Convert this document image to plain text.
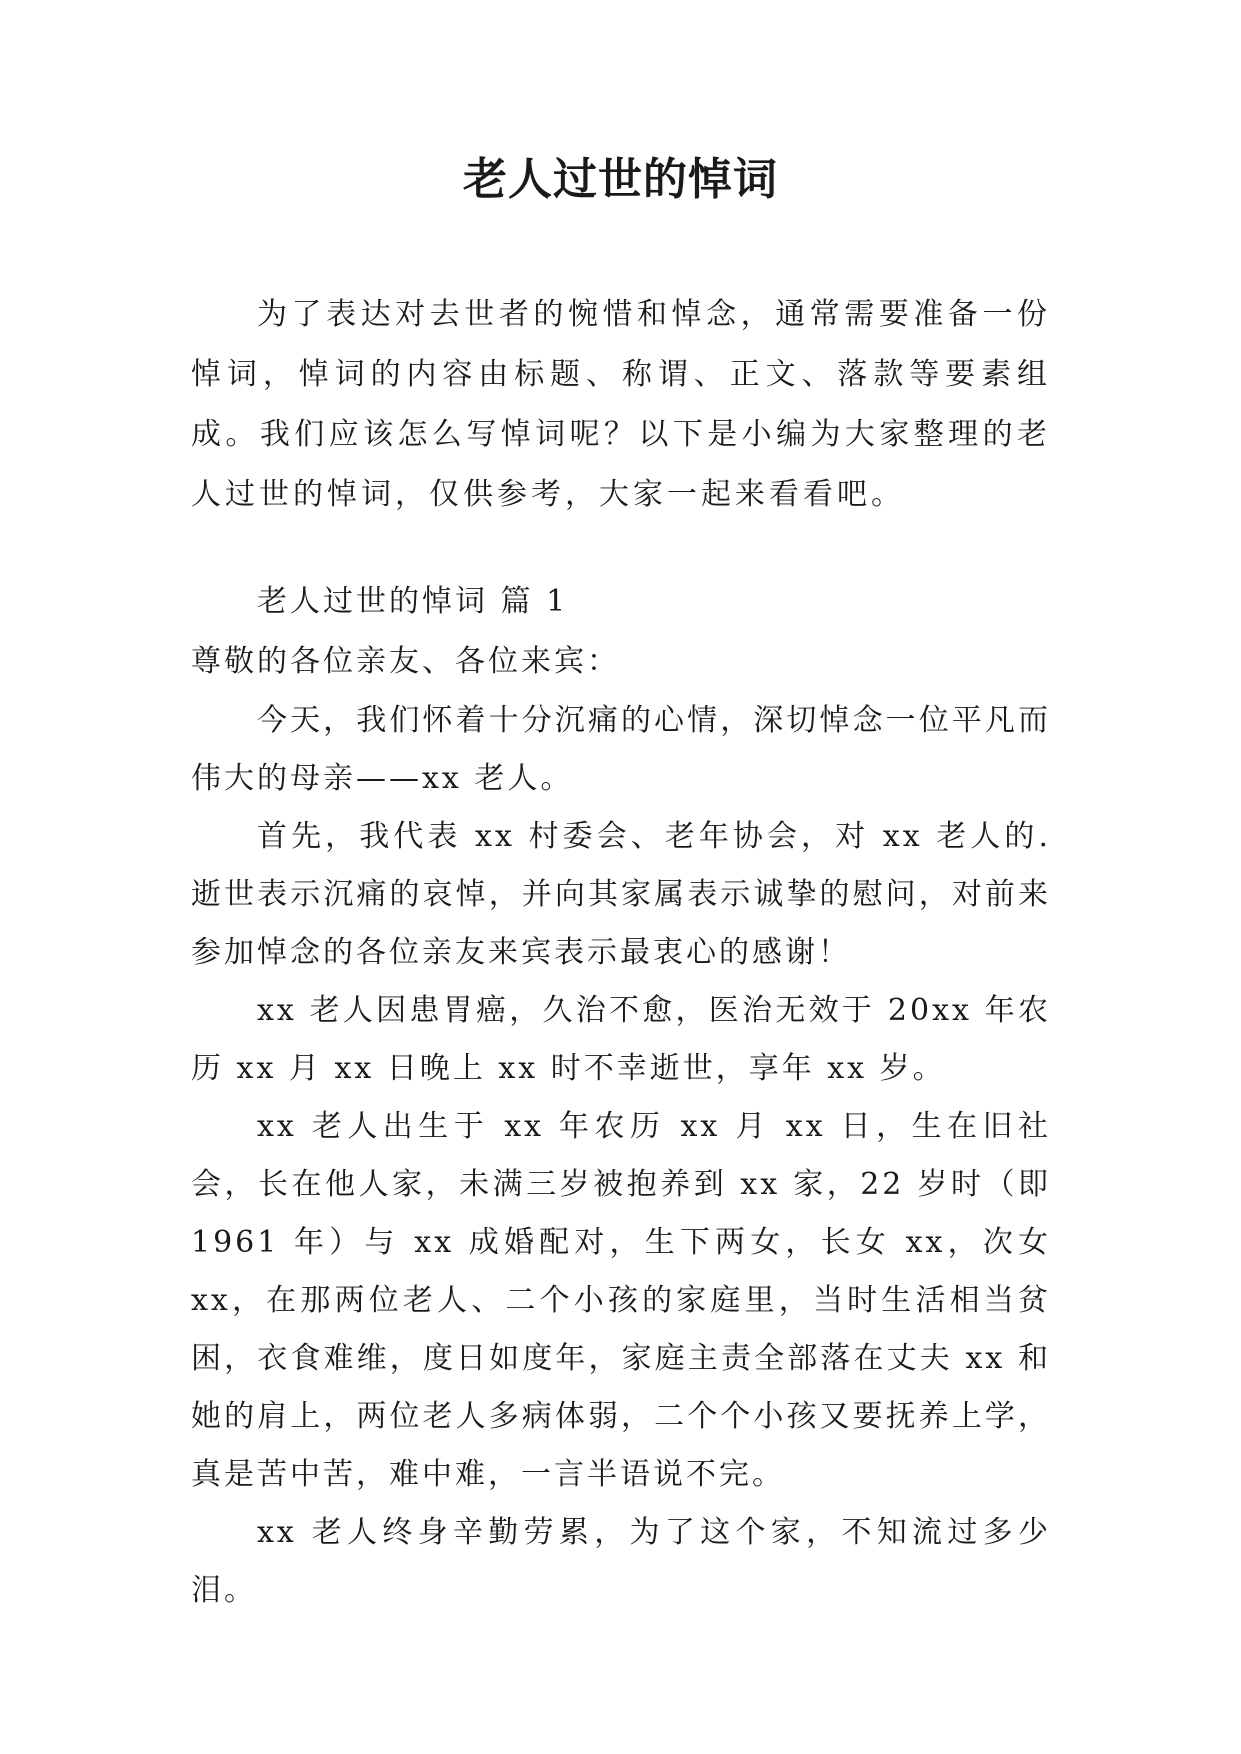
老人过世的悼词

为了表达对去世者的惋惜和悼念，通常需要准备一份悼词，悼词的内容由标题、称谓、正文、落款等要素组成。我们应该怎么写悼词呢？以下是小编为大家整理的老人过世的悼词，仅供参考，大家一起来看看吧。

老人过世的悼词 篇 1

尊敬的各位亲友、各位来宾：

今天，我们怀着十分沉痛的心情，深切悼念一位平凡而伟大的母亲——xx 老人。

首先，我代表 xx 村委会、老年协会，对 xx 老人的.逝世表示沉痛的哀悼，并向其家属表示诚挚的慰问，对前来参加悼念的各位亲友来宾表示最衷心的感谢！

xx 老人因患胃癌，久治不愈，医治无效于 20xx 年农历 xx 月 xx 日晚上 xx 时不幸逝世，享年 xx 岁。

xx 老人出生于 xx 年农历 xx 月 xx 日，生在旧社会，长在他人家，未满三岁被抱养到 xx 家，22 岁时（即 1961 年）与 xx 成婚配对，生下两女，长女 xx，次女 xx，在那两位老人、二个小孩的家庭里，当时生活相当贫困，衣食难维，度日如度年，家庭主责全部落在丈夫 xx 和她的肩上，两位老人多病体弱，二个个小孩又要抚养上学，真是苦中苦，难中难，一言半语说不完。

xx 老人终身辛勤劳累，为了这个家，不知流过多少泪。
